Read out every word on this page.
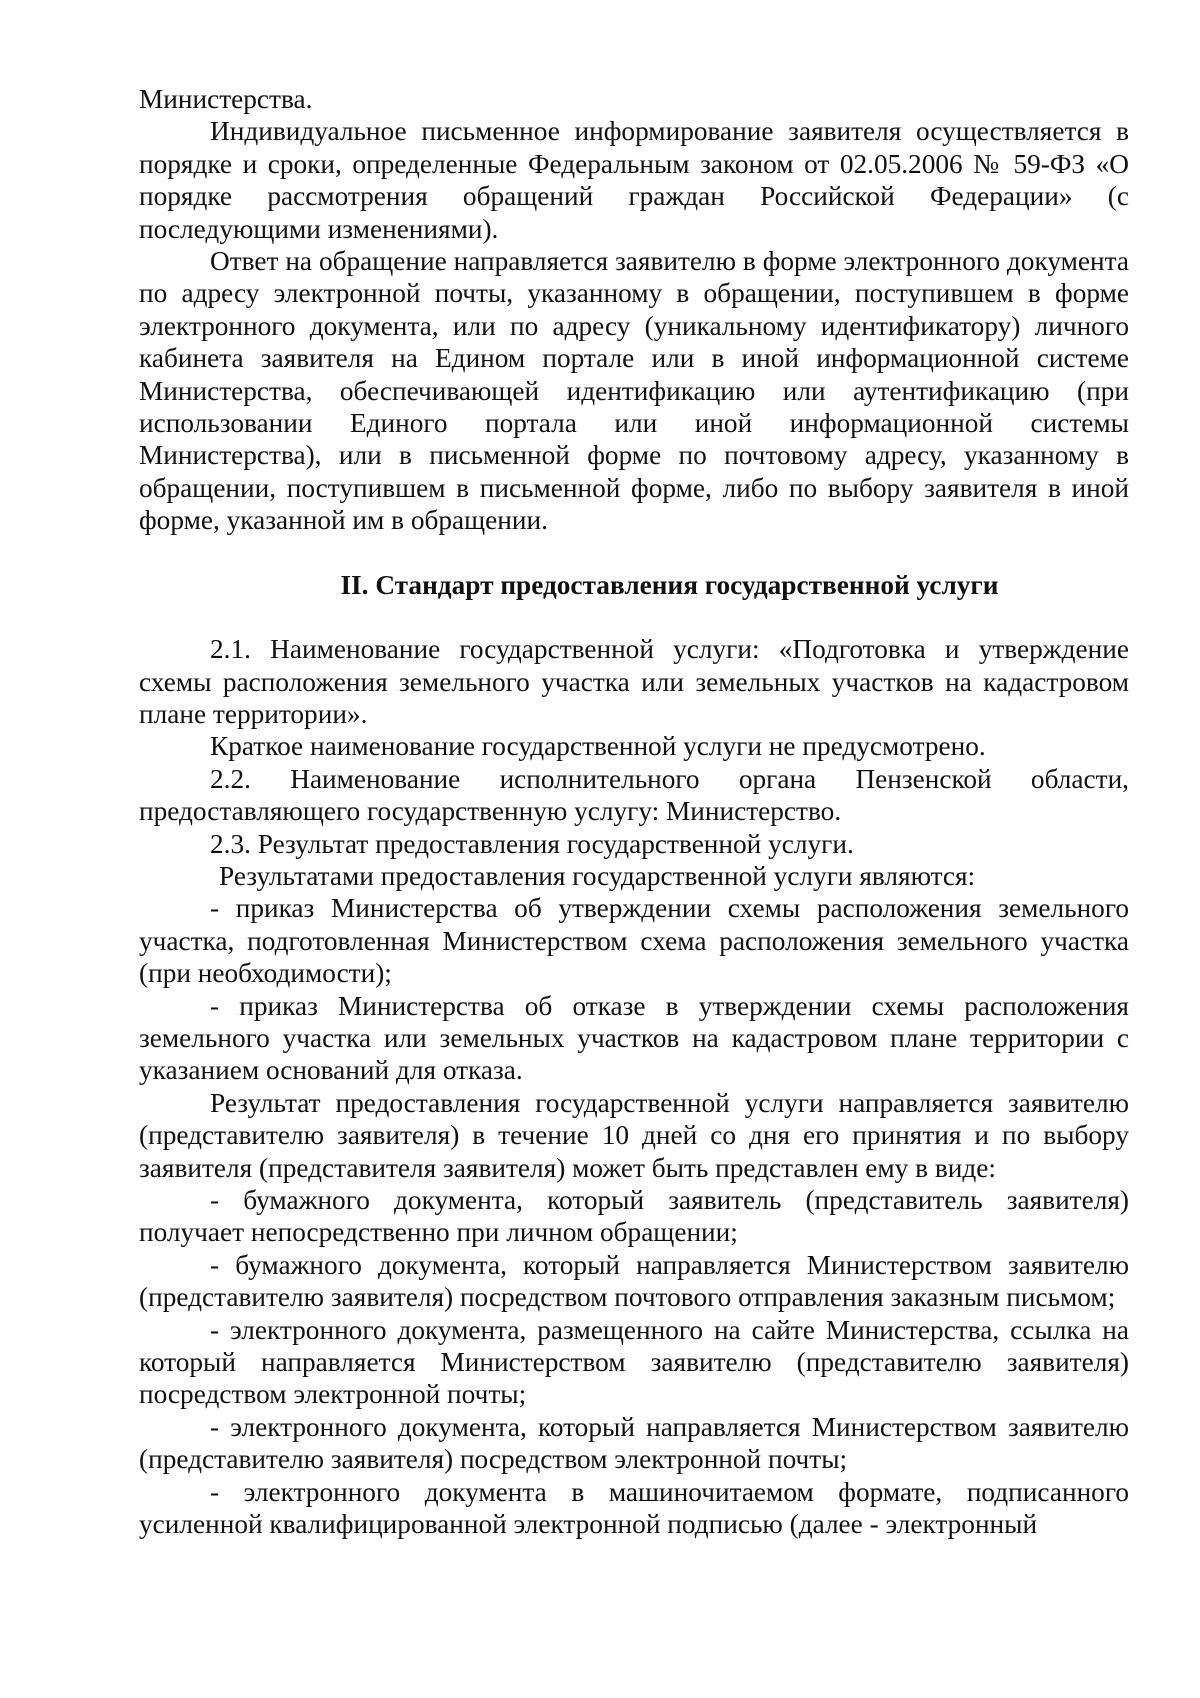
Министерства.

Индивидуальное письменное информирование заявителя осуществляется в порядке и сроки, определенные Федеральным законом от 02.05.2006 № 59-ФЗ «О порядке рассмотрения обращений граждан Российской Федерации» (с последующими изменениями).

Ответ на обращение направляется заявителю в форме электронного документа по адресу электронной почты, указанному в обращении, поступившем в форме электронного документа, или по адресу (уникальному идентификатору) личного кабинета заявителя на Едином портале или в иной информационной системе Министерства, обеспечивающей идентификацию или аутентификацию (при использовании Единого портала или иной информационной системы Министерства), или в письменной форме по почтовому адресу, указанному в обращении, поступившем в письменной форме, либо по выбору заявителя в иной форме, указанной им в обращении.

II. Стандарт предоставления государственной услуги

2.1. Наименование государственной услуги: «Подготовка и утверждение схемы расположения земельного участка или земельных участков на кадастровом плане территории».

Краткое наименование государственной услуги не предусмотрено.

2.2. Наименование исполнительного органа Пензенской области, предоставляющего государственную услугу: Министерство.

2.3. Результат предоставления государственной услуги.

Результатами предоставления государственной услуги являются:

- приказ Министерства об утверждении схемы расположения земельного участка, подготовленная Министерством схема расположения земельного участка (при необходимости);

- приказ Министерства об отказе в утверждении схемы расположения земельного участка или земельных участков на кадастровом плане территории с указанием оснований для отказа.

Результат предоставления государственной услуги направляется заявителю (представителю заявителя) в течение 10 дней со дня его принятия и по выбору заявителя (представителя заявителя) может быть представлен ему в виде:

- бумажного документа, который заявитель (представитель заявителя) получает непосредственно при личном обращении;

- бумажного документа, который направляется Министерством заявителю (представителю заявителя) посредством почтового отправления заказным письмом;

- электронного документа, размещенного на сайте Министерства, ссылка на который направляется Министерством заявителю (представителю заявителя) посредством электронной почты;

- электронного документа, который направляется Министерством заявителю (представителю заявителя) посредством электронной почты;

- электронного документа в машиночитаемом формате, подписанного усиленной квалифицированной электронной подписью (далее - электронный
